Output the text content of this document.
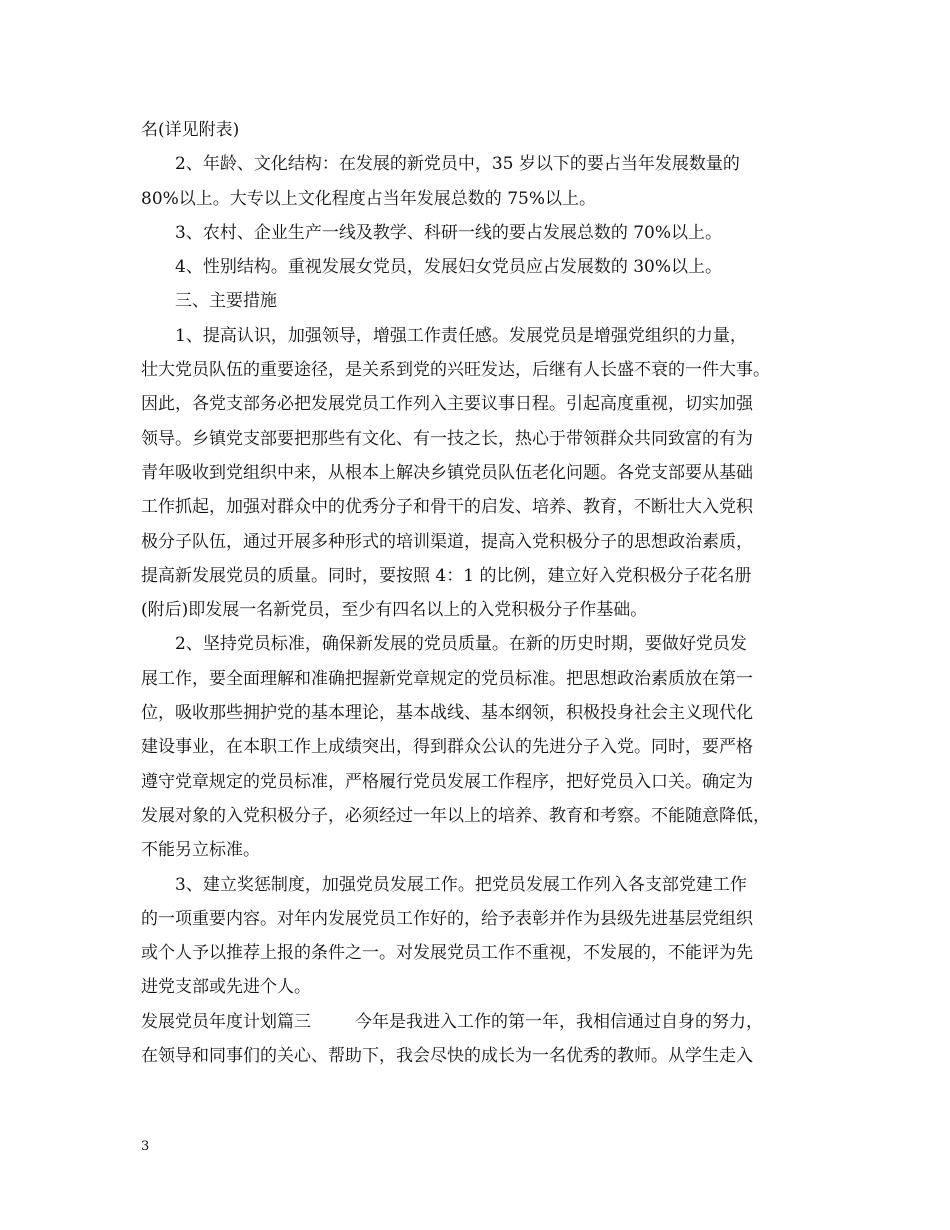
名(详见附表)
2、年龄、文化结构：在发展的新党员中，35 岁以下的要占当年发展数量的
80%以上。大专以上文化程度占当年发展总数的 75%以上。
3、农村、企业生产一线及教学、科研一线的要占发展总数的 70%以上。
4、性别结构。重视发展女党员，发展妇女党员应占发展数的 30%以上。
三、主要措施
1、提高认识，加强领导，增强工作责任感。发展党员是增强党组织的力量，
壮大党员队伍的重要途径，是关系到党的兴旺发达，后继有人长盛不衰的一件大事。
因此，各党支部务必把发展党员工作列入主要议事日程。引起高度重视，切实加强
领导。乡镇党支部要把那些有文化、有一技之长，热心于带领群众共同致富的有为
青年吸收到党组织中来，从根本上解决乡镇党员队伍老化问题。各党支部要从基础
工作抓起，加强对群众中的优秀分子和骨干的启发、培养、教育，不断壮大入党积
极分子队伍，通过开展多种形式的培训渠道，提高入党积极分子的思想政治素质，
提高新发展党员的质量。同时，要按照 4：1 的比例，建立好入党积极分子花名册
(附后)即发展一名新党员，至少有四名以上的入党积极分子作基础。
2、坚持党员标准，确保新发展的党员质量。在新的历史时期，要做好党员发
展工作，要全面理解和准确把握新党章规定的党员标准。把思想政治素质放在第一
位，吸收那些拥护党的基本理论，基本战线、基本纲领，积极投身社会主义现代化
建设事业，在本职工作上成绩突出，得到群众公认的先进分子入党。同时，要严格
遵守党章规定的党员标准，严格履行党员发展工作程序，把好党员入口关。确定为
发展对象的入党积极分子，必须经过一年以上的培养、教育和考察。不能随意降低，
不能另立标准。
3、建立奖惩制度，加强党员发展工作。把党员发展工作列入各支部党建工作
的一项重要内容。对年内发展党员工作好的，给予表彰并作为县级先进基层党组织
或个人予以推荐上报的条件之一。对发展党员工作不重视，不发展的，不能评为先
进党支部或先进个人。
发展党员年度计划篇三	今年是我进入工作的第一年，我相信通过自身的努力，
在领导和同事们的关心、帮助下，我会尽快的成长为一名优秀的教师。从学生走入
3
